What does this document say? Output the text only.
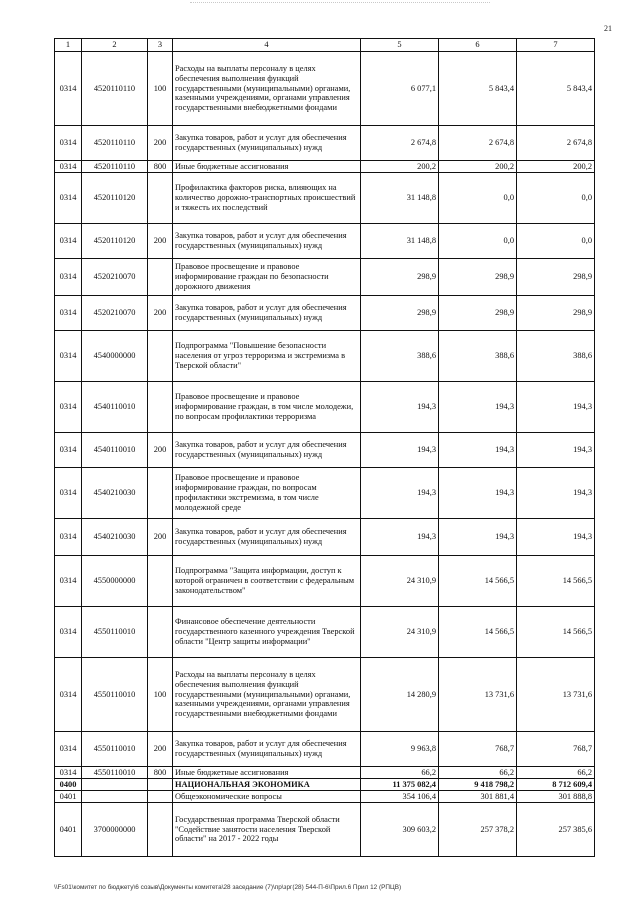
21
1	2	3	4	5	6	7
0314	4520110110	100	Расходы на выплаты персоналу в целях обеспечения выполнения функций государственными (муниципальными) органами, казенными учреждениями, органами управления государственными внебюджетными фондами	6 077,1	5 843,4	5 843,4
0314	4520110110	200	Закупка товаров, работ и услуг для обеспечения государственных (муниципальных) нужд	2 674,8	2 674,8	2 674,8
0314	4520110110	800	Иные бюджетные ассигнования	200,2	200,2	200,2
0314	4520110120		Профилактика факторов риска, влияющих на количество дорожно-транспортных происшествий и тяжесть их последствий	31 148,8	0,0	0,0
0314	4520110120	200	Закупка товаров, работ и услуг для обеспечения государственных (муниципальных) нужд	31 148,8	0,0	0,0
0314	4520210070		Правовое просвещение и правовое информирование граждан по безопасности дорожного движения	298,9	298,9	298,9
0314	4520210070	200	Закупка товаров, работ и услуг для обеспечения государственных (муниципальных) нужд	298,9	298,9	298,9
0314	4540000000		Подпрограмма "Повышение безопасности населения от угроз терроризма и экстремизма в Тверской области"	388,6	388,6	388,6
0314	4540110010		Правовое просвещение и правовое информирование граждан, в том числе молодежи, по вопросам профилактики терроризма	194,3	194,3	194,3
0314	4540110010	200	Закупка товаров, работ и услуг для обеспечения государственных (муниципальных) нужд	194,3	194,3	194,3
0314	4540210030		Правовое просвещение и правовое информирование граждан, по вопросам профилактики экстремизма, в том числе молодежной среде	194,3	194,3	194,3
0314	4540210030	200	Закупка товаров, работ и услуг для обеспечения государственных (муниципальных) нужд	194,3	194,3	194,3
0314	4550000000		Подпрограмма "Защита информации, доступ к которой ограничен в соответствии с федеральным законодательством"	24 310,9	14 566,5	14 566,5
0314	4550110010		Финансовое обеспечение деятельности государственного казенного учреждения Тверской области "Центр защиты информации"	24 310,9	14 566,5	14 566,5
0314	4550110010	100	Расходы на выплаты персоналу в целях обеспечения выполнения функций государственными (муниципальными) органами, казенными учреждениями, органами управления государственными внебюджетными фондами	14 280,9	13 731,6	13 731,6
0314	4550110010	200	Закупка товаров, работ и услуг для обеспечения государственных (муниципальных) нужд	9 963,8	768,7	768,7
0314	4550110010	800	Иные бюджетные ассигнования	66,2	66,2	66,2
0400			НАЦИОНАЛЬНАЯ ЭКОНОМИКА	11 375 082,4	9 418 798,2	8 712 609,4
0401			Общеэкономические вопросы	354 106,4	301 881,4	301 888,8
0401	3700000000		Государственная программа Тверской области "Содействие занятости населения Тверской области" на 2017 - 2022 годы	309 603,2	257 378,2	257 385,6
\\Fs01\комитет по бюджету\6 созыв\Документы комитета\28 заседание (7)\пр\зрг(28) 544-П-6\Прил.6 Прил 12 (РПЦВ)
